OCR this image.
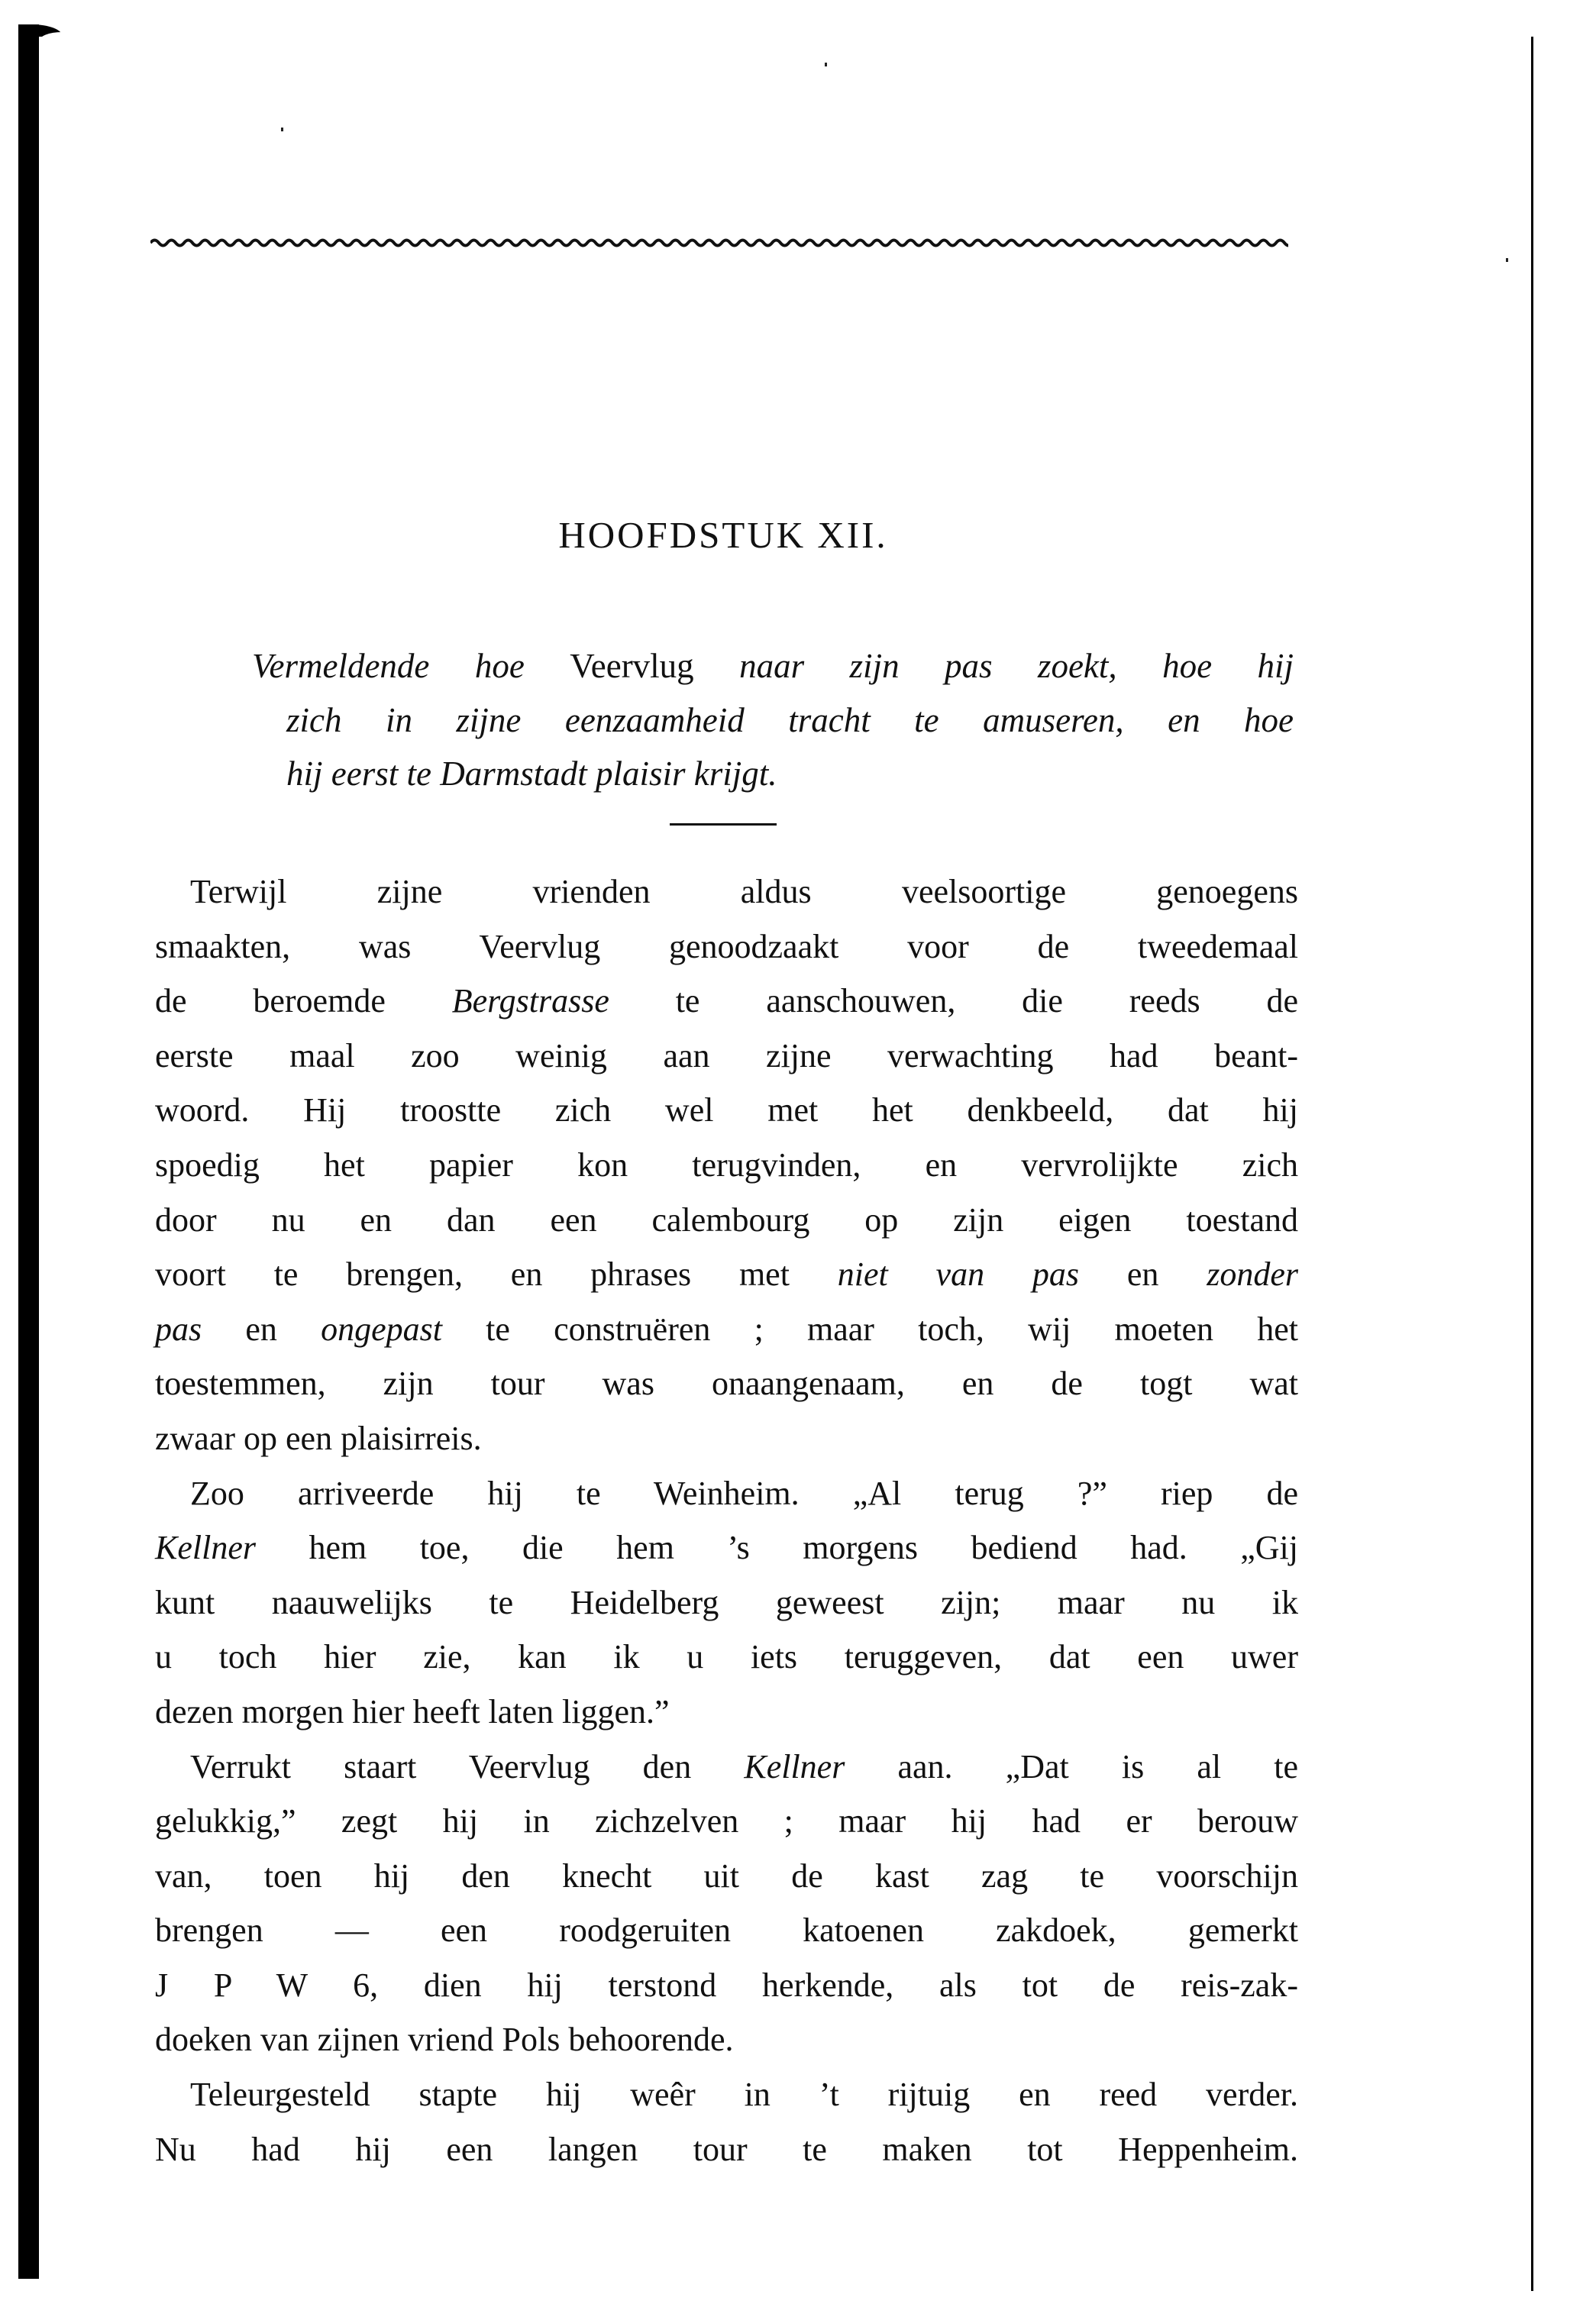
HOOFDSTUK XII.
Vermeldende hoe Veervlug naar zijn pas zoekt, hoe hij
zich in zijne eenzaamheid tracht te amuseren, en hoe
hij eerst te Darmstadt plaisir krijgt.
Terwijl zijne vrienden aldus veelsoortige genoegens
smaakten, was Veervlug genoodzaakt voor de tweedemaal
de beroemde Bergstrasse te aanschouwen, die reeds de
eerste maal zoo weinig aan zijne verwachting had beant-
woord. Hij troostte zich wel met het denkbeeld, dat hij
spoedig het papier kon terugvinden, en vervrolijkte zich
door nu en dan een calembourg op zijn eigen toestand
voort te brengen, en phrases met niet van pas en zonder
pas en ongepast te construëren ; maar toch, wij moeten het
toestemmen, zijn tour was onaangenaam, en de togt wat
zwaar op een plaisirreis.
Zoo arriveerde hij te Weinheim. „Al terug ?” riep de
Kellner hem toe, die hem ’s morgens bediend had. „Gij
kunt naauwelijks te Heidelberg geweest zijn; maar nu ik
u toch hier zie, kan ik u iets teruggeven, dat een uwer
dezen morgen hier heeft laten liggen.”
Verrukt staart Veervlug den Kellner aan. „Dat is al te
gelukkig,” zegt hij in zichzelven ; maar hij had er berouw
van, toen hij den knecht uit de kast zag te voorschijn
brengen — een roodgeruiten katoenen zakdoek, gemerkt
J P W 6, dien hij terstond herkende, als tot de reis-zak-
doeken van zijnen vriend Pols behoorende.
Teleurgesteld stapte hij weêr in ’t rijtuig en reed verder.
Nu had hij een langen tour te maken tot Heppenheim.
